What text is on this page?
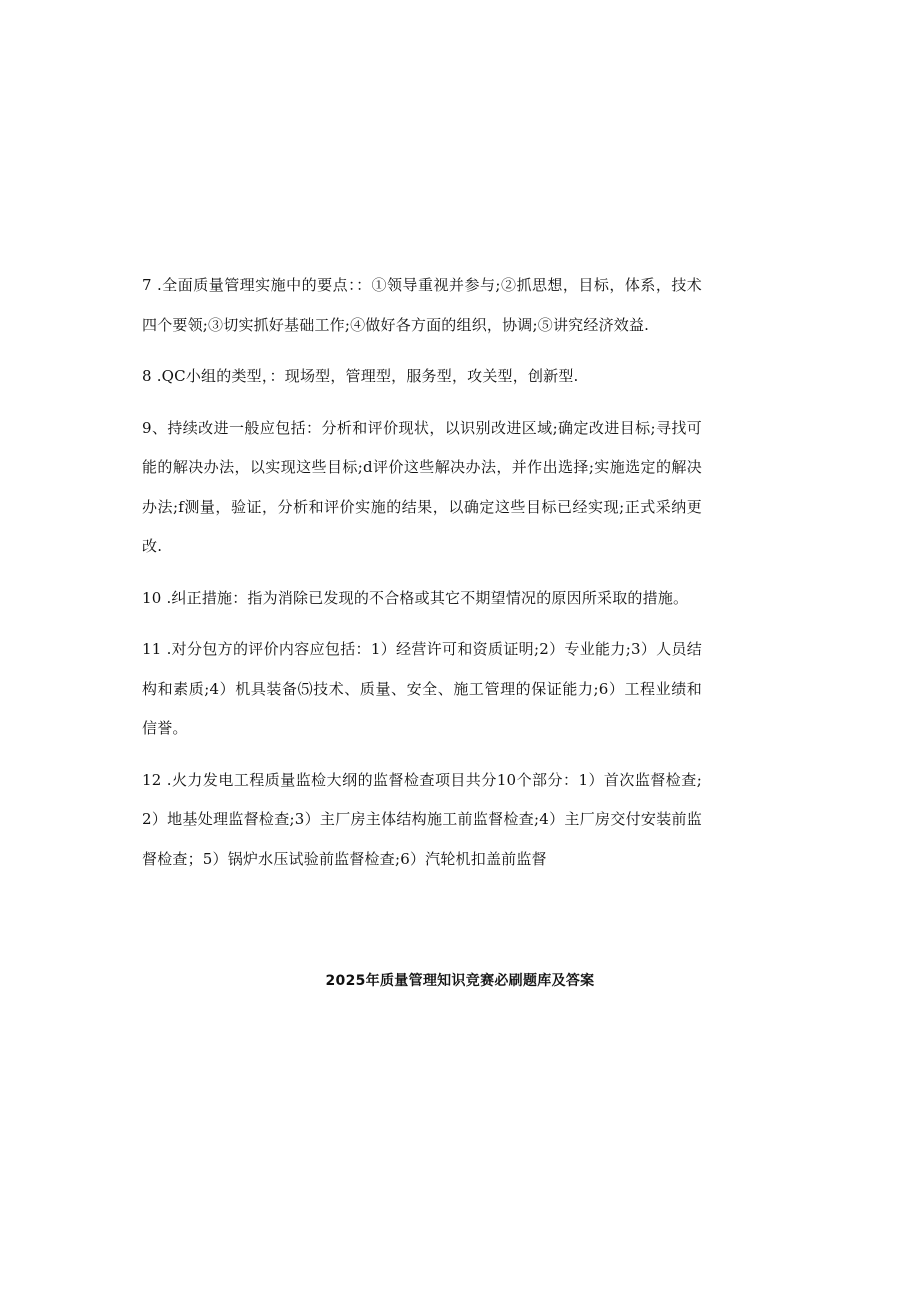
7 .全面质量管理实施中的要点：：①领导重视并参与;②抓思想，目标，体系，技术四个要领;③切实抓好基础工作;④做好各方面的组织，协调;⑤讲究经济效益.

8 .QC小组的类型，：现场型，管理型，服务型，攻关型，创新型.

9、持续改进一般应包括：分析和评价现状，以识别改进区域;确定改进目标;寻找可能的解决办法，以实现这些目标;d评价这些解决办法，并作出选择;实施选定的解决办法;f测量，验证，分析和评价实施的结果，以确定这些目标已经实现;正式采纳更改.

10 .纠正措施：指为消除已发现的不合格或其它不期望情况的原因所采取的措施。

11 .对分包方的评价内容应包括：1）经营许可和资质证明;2）专业能力;3）人员结构和素质;4）机具装备⑸技术、质量、安全、施工管理的保证能力;6）工程业绩和信誉。

12 .火力发电工程质量监检大纲的监督检查项目共分10个部分：1）首次监督检查;2）地基处理监督检查;3）主厂房主体结构施工前监督检查;4）主厂房交付安装前监督检查；5）锅炉水压试验前监督检查;6）汽轮机扣盖前监督

2025年质量管理知识竞赛必刷题库及答案
